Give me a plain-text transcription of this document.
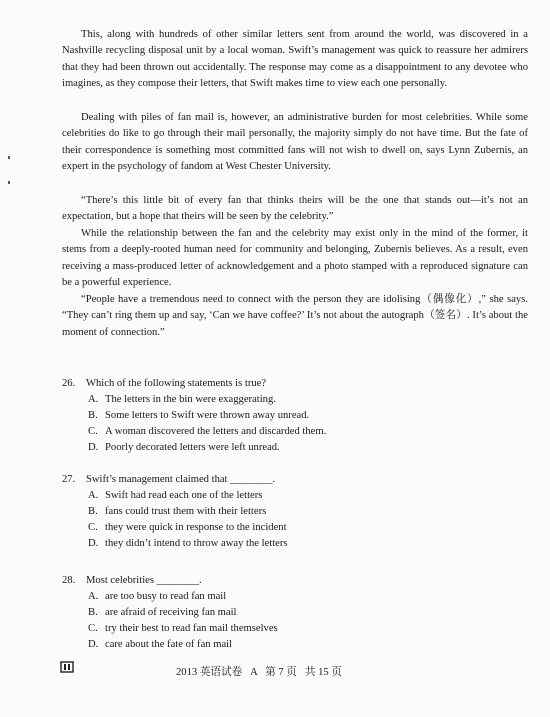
This, along with hundreds of other similar letters sent from around the world, was discovered in a Nashville recycling disposal unit by a local woman. Swift’s management was quick to reassure her admirers that they had been thrown out accidentally. The response may come as a disappointment to any devotee who imagines, as they compose their letters, that Swift makes time to view each one personally.

Dealing with piles of fan mail is, however, an administrative burden for most celebrities. While some celebrities do like to go through their mail personally, the majority simply do not have time. But the fate of their correspondence is something most committed fans will not wish to dwell on, says Lynn Zubernis, an expert in the psychology of fandom at West Chester University.

“There’s this little bit of every fan that thinks theirs will be the one that stands out—it’s not an expectation, but a hope that theirs will be seen by the celebrity.”

While the relationship between the fan and the celebrity may exist only in the mind of the former, it stems from a deeply-rooted human need for community and belonging, Zubernis believes. As a result, even receiving a mass-produced letter of acknowledgement and a photo stamped with a reproduced signature can be a powerful experience.

“People have a tremendous need to connect with the person they are idolising（偶像化）,” she says. “They can’t ring them up and say, ‘Can we have coffee?’ It’s not about the autograph（签名）. It’s about the moment of connection.”

26. Which of the following statements is true?

A. The letters in the bin were exaggerating.

B. Some letters to Swift were thrown away unread.

C. A woman discovered the letters and discarded them.

D. Poorly decorated letters were left unread.

27. Swift’s management claimed that ________.

A. Swift had read each one of the letters

B. fans could trust them with their letters

C. they were quick in response to the incident

D. they didn’t intend to throw away the letters

28. Most celebrities ________.

A. are too busy to read fan mail

B. are afraid of receiving fan mail

C. try their best to read fan mail themselves

D. care about the fate of fan mail

2013 英语试卷   A   第 7 页   共 15 页
